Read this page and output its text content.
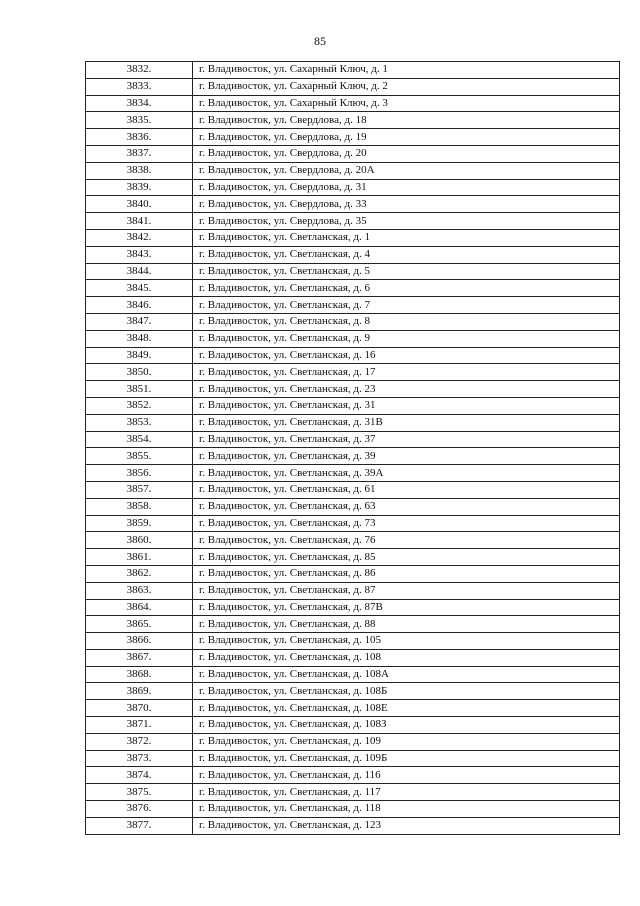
85
3832.	г. Владивосток, ул. Сахарный Ключ, д. 1
3833.	г. Владивосток, ул. Сахарный Ключ, д. 2
3834.	г. Владивосток, ул. Сахарный Ключ, д. 3
3835.	г. Владивосток, ул. Свердлова, д. 18
3836.	г. Владивосток, ул. Свердлова, д. 19
3837.	г. Владивосток, ул. Свердлова, д. 20
3838.	г. Владивосток, ул. Свердлова, д. 20А
3839.	г. Владивосток, ул. Свердлова, д. 31
3840.	г. Владивосток, ул. Свердлова, д. 33
3841.	г. Владивосток, ул. Свердлова, д. 35
3842.	г. Владивосток, ул. Светланская, д. 1
3843.	г. Владивосток, ул. Светланская, д. 4
3844.	г. Владивосток, ул. Светланская, д. 5
3845.	г. Владивосток, ул. Светланская, д. 6
3846.	г. Владивосток, ул. Светланская, д. 7
3847.	г. Владивосток, ул. Светланская, д. 8
3848.	г. Владивосток, ул. Светланская, д. 9
3849.	г. Владивосток, ул. Светланская, д. 16
3850.	г. Владивосток, ул. Светланская, д. 17
3851.	г. Владивосток, ул. Светланская, д. 23
3852.	г. Владивосток, ул. Светланская, д. 31
3853.	г. Владивосток, ул. Светланская, д. 31В
3854.	г. Владивосток, ул. Светланская, д. 37
3855.	г. Владивосток, ул. Светланская, д. 39
3856.	г. Владивосток, ул. Светланская, д. 39А
3857.	г. Владивосток, ул. Светланская, д. 61
3858.	г. Владивосток, ул. Светланская, д. 63
3859.	г. Владивосток, ул. Светланская, д. 73
3860.	г. Владивосток, ул. Светланская, д. 76
3861.	г. Владивосток, ул. Светланская, д. 85
3862.	г. Владивосток, ул. Светланская, д. 86
3863.	г. Владивосток, ул. Светланская, д. 87
3864.	г. Владивосток, ул. Светланская, д. 87В
3865.	г. Владивосток, ул. Светланская, д. 88
3866.	г. Владивосток, ул. Светланская, д. 105
3867.	г. Владивосток, ул. Светланская, д. 108
3868.	г. Владивосток, ул. Светланская, д. 108А
3869.	г. Владивосток, ул. Светланская, д. 108Б
3870.	г. Владивосток, ул. Светланская, д. 108Е
3871.	г. Владивосток, ул. Светланская, д. 108З
3872.	г. Владивосток, ул. Светланская, д. 109
3873.	г. Владивосток, ул. Светланская, д. 109Б
3874.	г. Владивосток, ул. Светланская, д. 116
3875.	г. Владивосток, ул. Светланская, д. 117
3876.	г. Владивосток, ул. Светланская, д. 118
3877.	г. Владивосток, ул. Светланская, д. 123
